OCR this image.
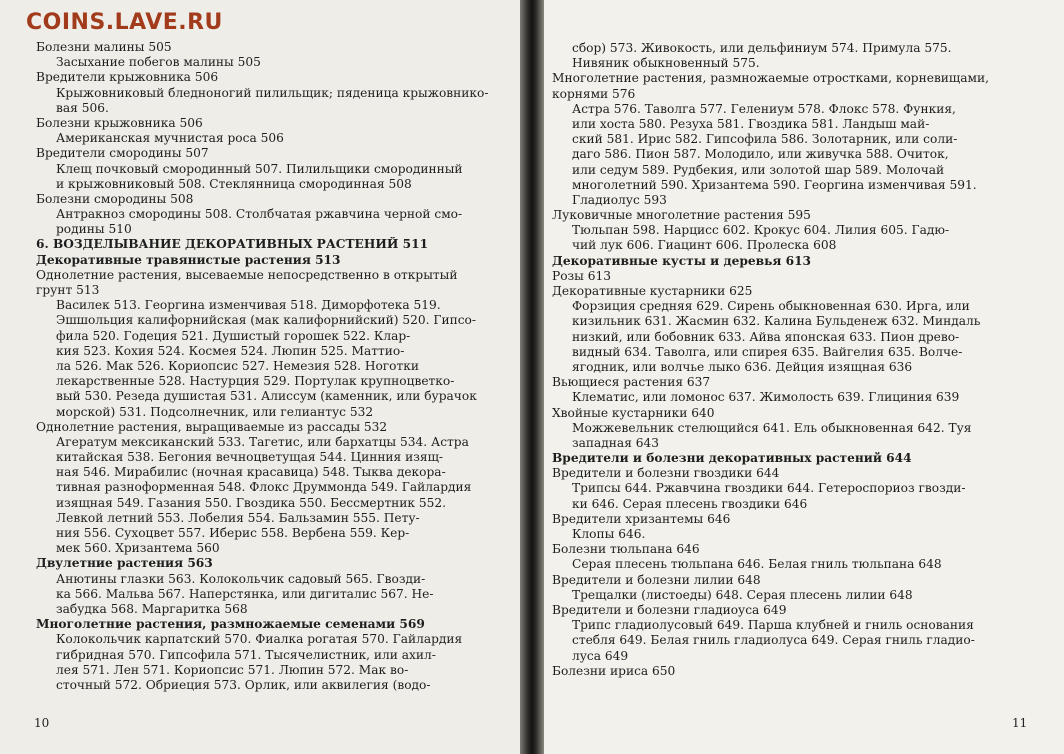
Болезни малины 505
Засыхание побегов малины 505
Вредители крыжовника 506
Крыжовниковый бледноногий пилильщик; пяденица крыжовнико-
вая 506.
Болезни крыжовника 506
Американская мучнистая роса 506
Вредители смородины 507
Клещ почковый смородинный 507. Пилильщики смородинный
и крыжовниковый 508. Стеклянница смородинная 508
Болезни смородины 508
Антракноз смородины 508. Столбчатая ржавчина черной смо-
родины 510
6. ВОЗДЕЛЫВАНИЕ ДЕКОРАТИВНЫХ РАСТЕНИЙ 511
Декоративные травянистые растения 513
Однолетние растения, высеваемые непосредственно в открытый
грунт 513
Василек 513. Георгина изменчивая 518. Диморфотека 519.
Эшшольция калифорнийская (мак калифорнийский) 520. Гипсо-
фила 520. Годеция 521. Душистый горошек 522. Клар-
кия 523. Кохия 524. Космея 524. Люпин 525. Маттио-
ла 526. Мак 526. Кориопсис 527. Немезия 528. Ноготки
лекарственные 528. Настурция 529. Портулак крупноцветко-
вый 530. Резеда душистая 531. Алиссум (каменник, или бурачок
морской) 531. Подсолнечник, или гелиантус 532
Однолетние растения, выращиваемые из рассады 532
Агератум мексиканский 533. Тагетис, или бархатцы 534. Астра
китайская 538. Бегония вечноцветущая 544. Цинния изящ-
ная 546. Мирабилис (ночная красавица) 548. Тыква декора-
тивная разноформенная 548. Флокс Друммонда 549. Гайлардия
изящная 549. Газания 550. Гвоздика 550. Бессмертник 552.
Левкой летний 553. Лобелия 554. Бальзамин 555. Пету-
ния 556. Сухоцвет 557. Иберис 558. Вербена 559. Кер-
мек 560. Хризантема 560
Двулетние растения 563
Анютины глазки 563. Колокольчик садовый 565. Гвозди-
ка 566. Мальва 567. Наперстянка, или дигиталис 567. Не-
забудка 568. Маргаритка 568
Многолетние растения, размножаемые семенами 569
Колокольчик карпатский 570. Фиалка рогатая 570. Гайлардия
гибридная 570. Гипсофила 571. Тысячелистник, или ахил-
лея 571. Лен 571. Кориопсис 571. Люпин 572. Мак во-
сточный 572. Обриеция 573. Орлик, или аквилегия (водо-
10
сбор) 573. Живокость, или дельфиниум 574. Примула 575.
Нивяник обыкновенный 575.
Многолетние растения, размножаемые отростками, корневищами,
корнями 576
Астра 576. Таволга 577. Гелениум 578. Флокс 578. Функия,
или хоста 580. Резуха 581. Гвоздика 581. Ландыш май-
ский 581. Ирис 582. Гипсофила 586. Золотарник, или соли-
даго 586. Пион 587. Молодило, или живучка 588. Очиток,
или седум 589. Рудбекия, или золотой шар 589. Молочай
многолетний 590. Хризантема 590. Георгина изменчивая 591.
Гладиолус 593
Луковичные многолетние растения 595
Тюльпан 598. Нарцисс 602. Крокус 604. Лилия 605. Гадю-
чий лук 606. Гиацинт 606. Пролеска 608
Декоративные кусты и деревья 613
Розы 613
Декоративные кустарники 625
Форзиция средняя 629. Сирень обыкновенная 630. Ирга, или
кизильник 631. Жасмин 632. Калина Бульденеж 632. Миндаль
низкий, или бобовник 633. Айва японская 633. Пион древо-
видный 634. Таволга, или спирея 635. Вайгелия 635. Волче-
ягодник, или волчье лыко 636. Дейция изящная 636
Вьющиеся растения 637
Клематис, или ломонос 637. Жимолость 639. Глициния 639
Хвойные кустарники 640
Можжевельник стелющийся 641. Ель обыкновенная 642. Туя
западная 643
Вредители и болезни декоративных растений 644
Вредители и болезни гвоздики 644
Трипсы 644. Ржавчина гвоздики 644. Гетероспориоз гвозди-
ки 646. Серая плесень гвоздики 646
Вредители хризантемы 646
Клопы 646.
Болезни тюльпана 646
Серая плесень тюльпана 646. Белая гниль тюльпана 648
Вредители и болезни лилии 648
Трещалки (листоеды) 648. Серая плесень лилии 648
Вредители и болезни гладиоуса 649
Трипс гладиолусовый 649. Парша клубней и гниль основания
стебля 649. Белая гниль гладиолуса 649. Серая гниль гладио-
луса 649
Болезни ириса 650
11
COINS.LAVE.RU
